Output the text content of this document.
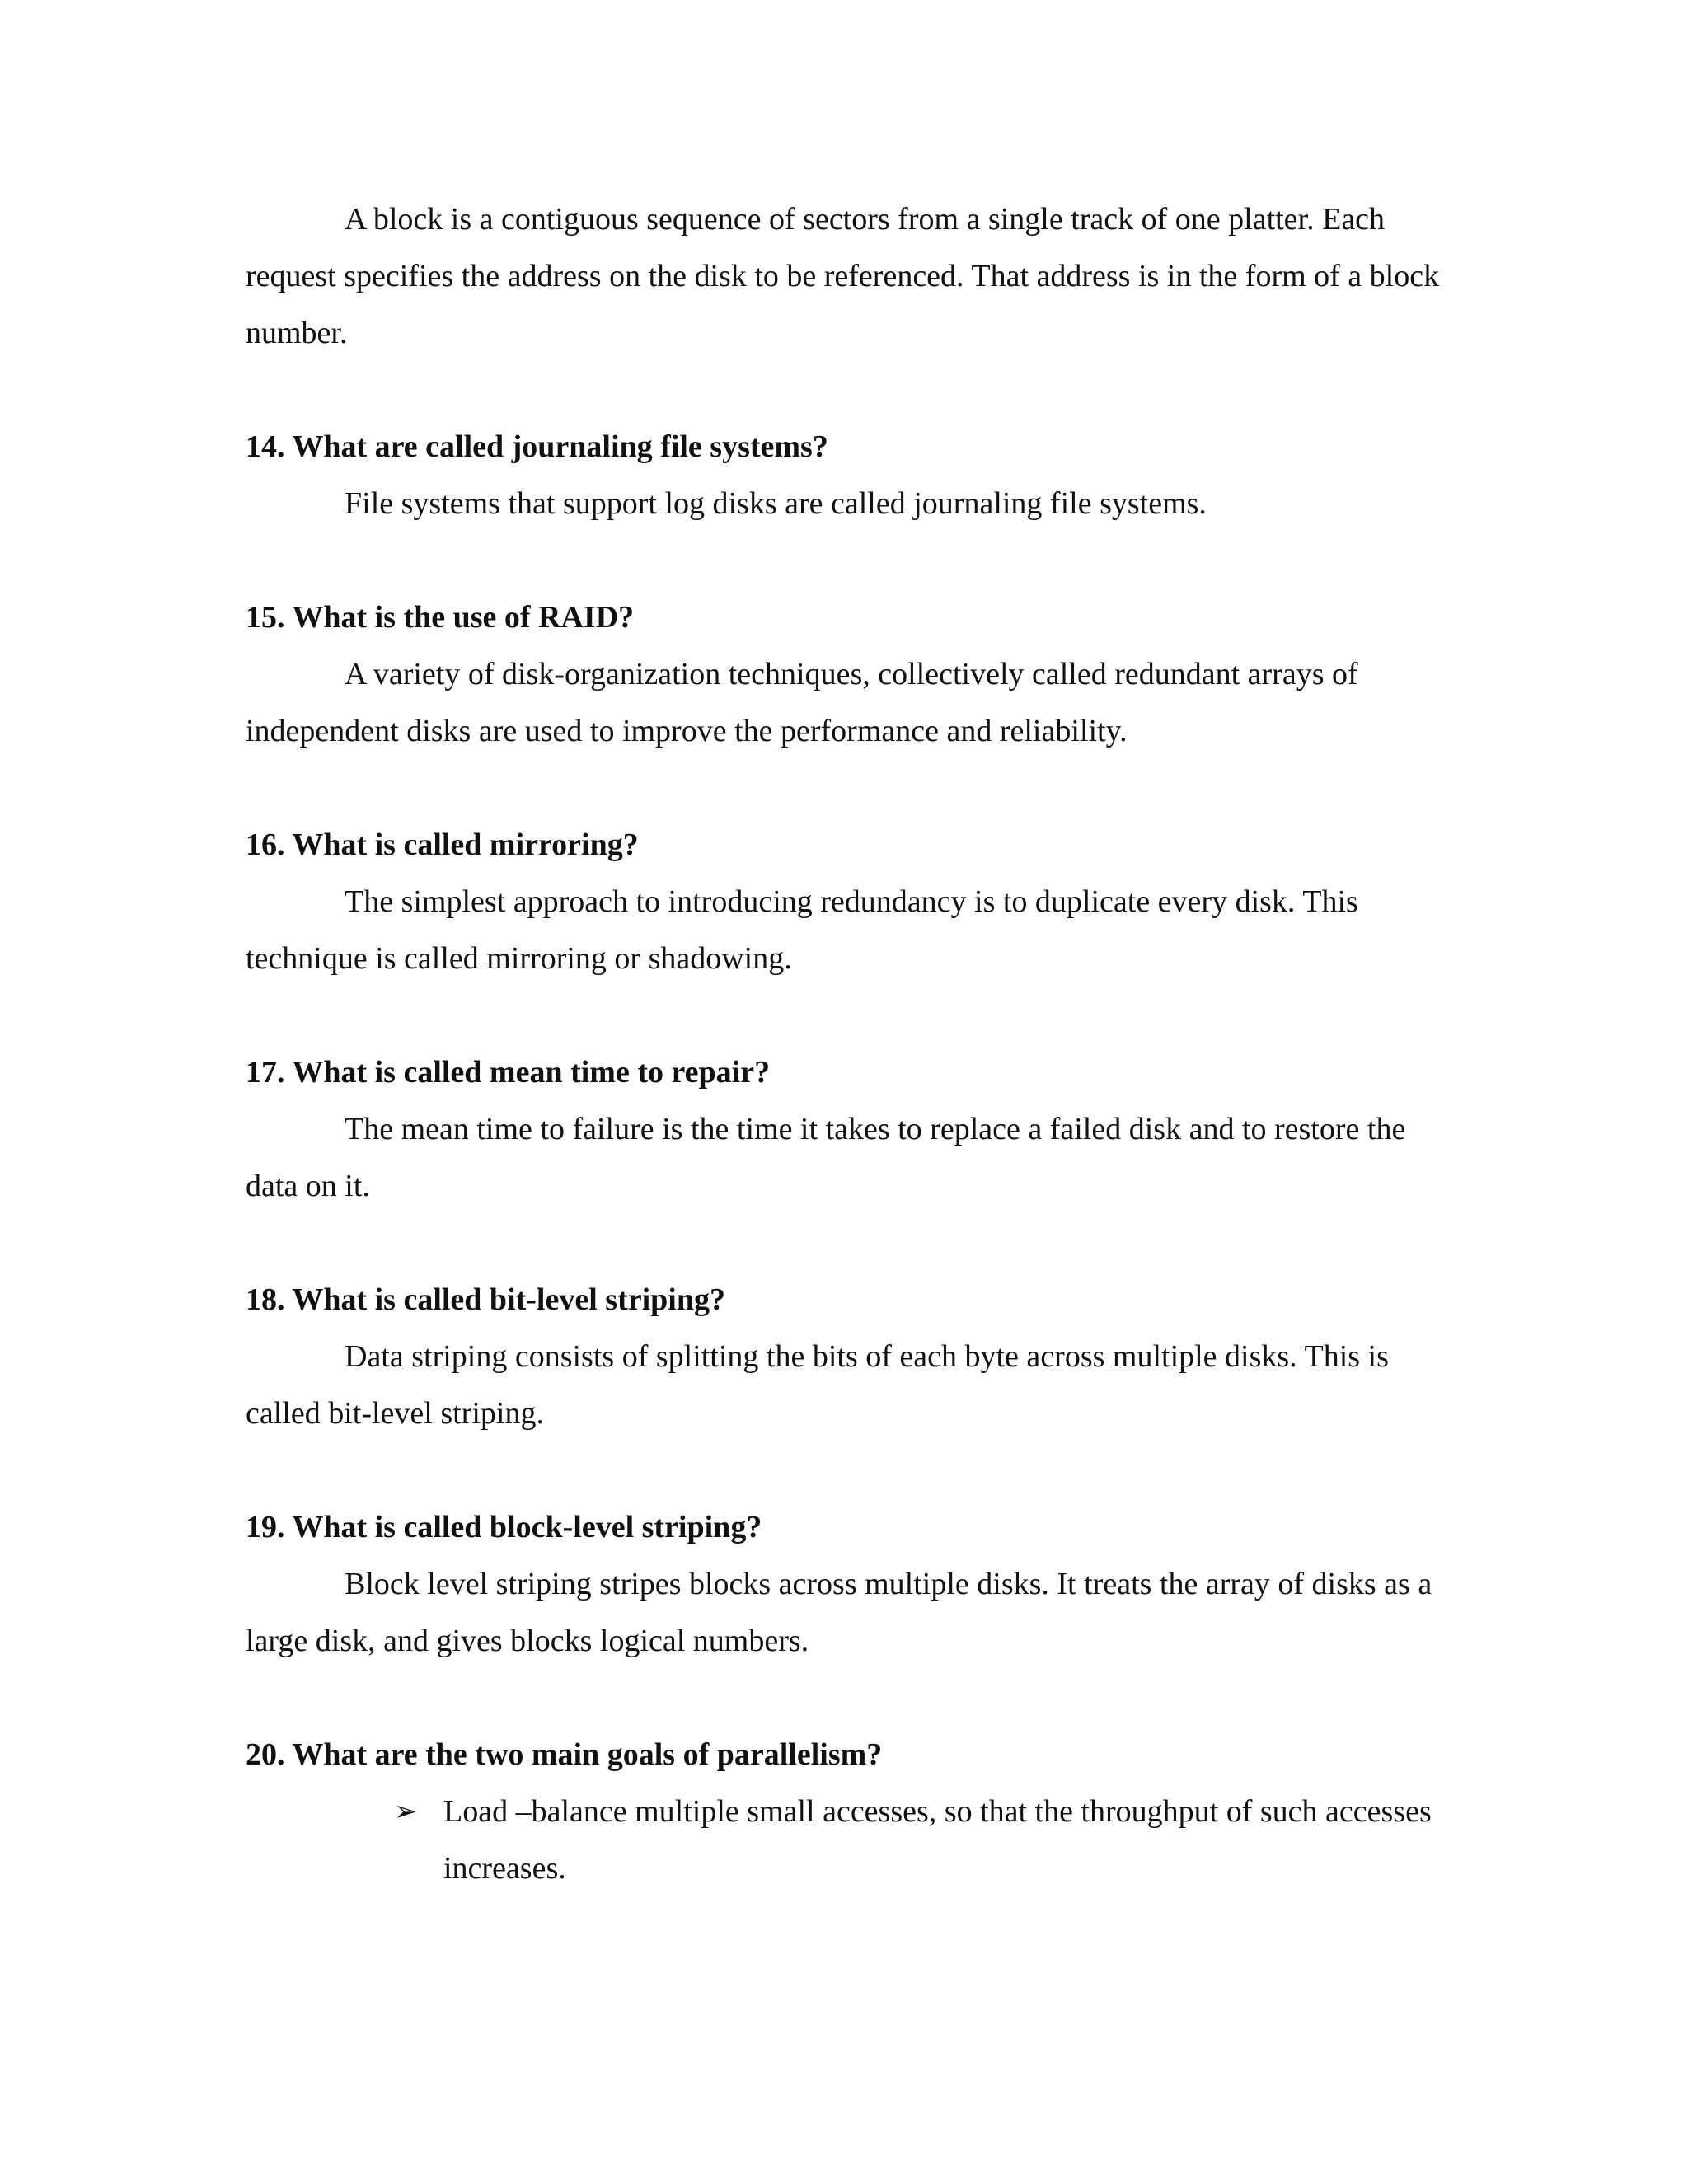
A block is a contiguous sequence of sectors from a single track of one platter. Each request specifies the address on the disk to be referenced. That address is in the form of a block number.

14. What are called journaling file systems?

File systems that support log disks are called journaling file systems.

15. What is the use of RAID?

A variety of disk-organization techniques, collectively called redundant arrays of independent disks are used to improve the performance and reliability.

16. What is called mirroring?

The simplest approach to introducing redundancy is to duplicate every disk. This technique is called mirroring or shadowing.

17. What is called mean time to repair?

The mean time to failure is the time it takes to replace a failed disk and to restore the data on it.

18. What is called bit-level striping?

Data striping consists of splitting the bits of each byte across multiple disks. This is called bit-level striping.

19. What is called block-level striping?

Block level striping stripes blocks across multiple disks. It treats the array of disks as a large disk, and gives blocks logical numbers.

20. What are the two main goals of parallelism?

➢ Load –balance multiple small accesses, so that the throughput of such accesses increases.
